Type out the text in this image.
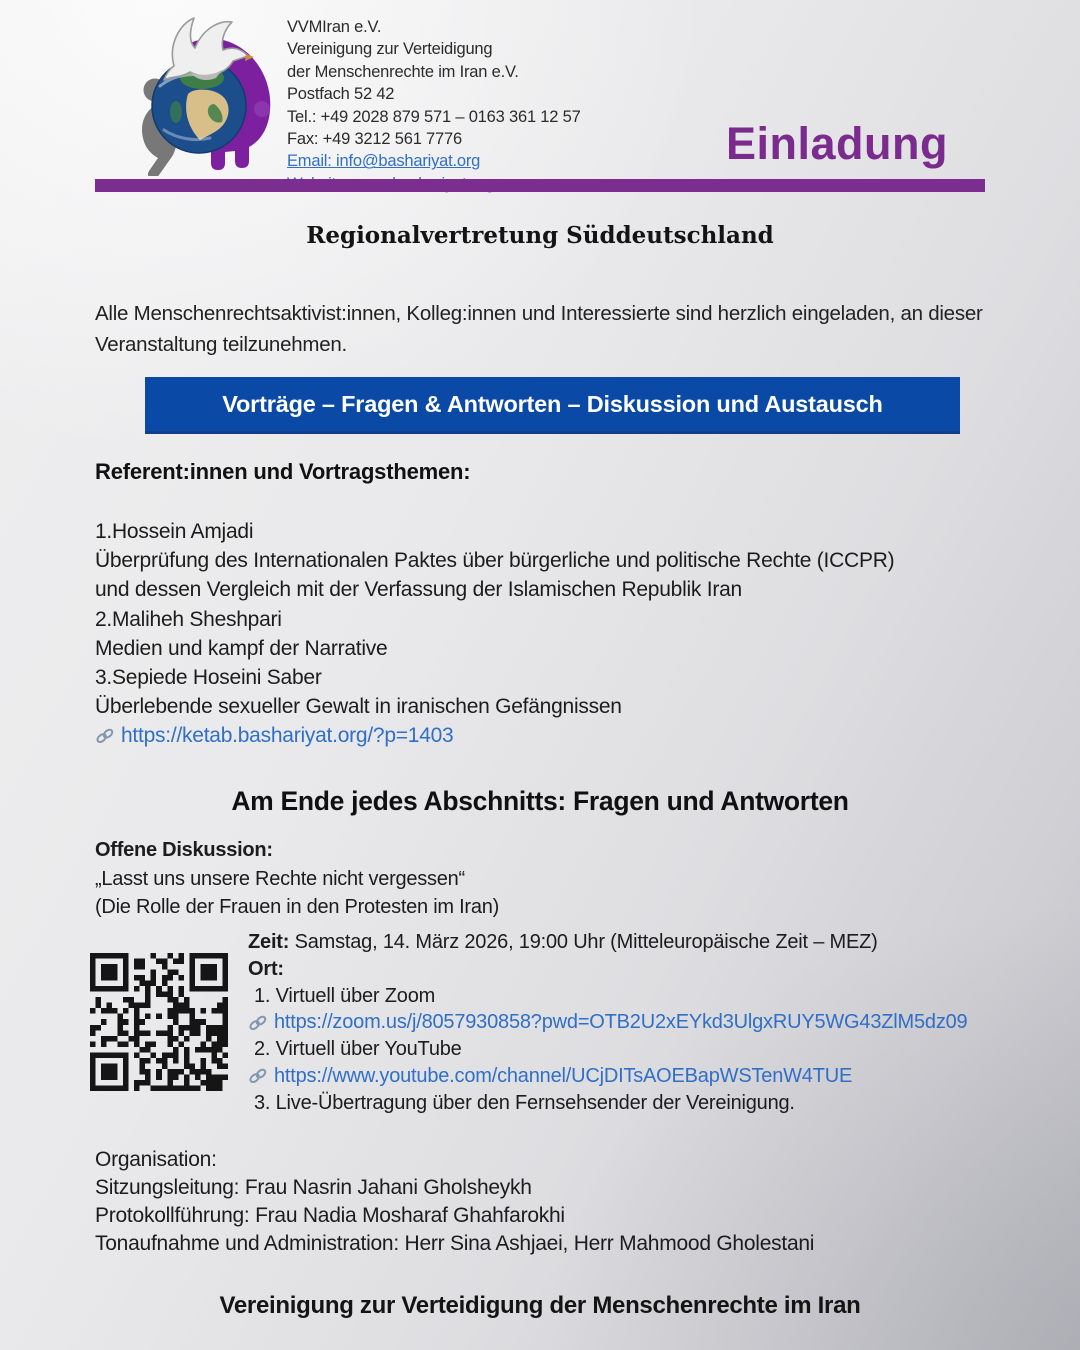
VVMIran e.V.
Vereinigung zur Verteidigung
der Menschenrechte im Iran e.V.
Postfach 52 42
Tel.: +49 2028 879 571 – 0163 361 12 57
Fax: +49 3212 561 7776
Email: info@bashariyat.org	Einladung
Regionalvertretung Süddeutschland
Alle Menschenrechtsaktivist:innen, Kolleg:innen und Interessierte sind herzlich eingeladen, an dieser
Veranstaltung teilzunehmen.
Vorträge – Fragen & Antworten – Diskussion und Austausch
Referent:innen und Vortragsthemen:
1.Hossein Amjadi
Überprüfung des Internationalen Paktes über bürgerliche und politische Rechte (ICCPR)
und dessen Vergleich mit der Verfassung der Islamischen Republik Iran
2.Maliheh Sheshpari
Medien und kampf der Narrative
3.Sepiede Hoseini Saber
Überlebende sexueller Gewalt in iranischen Gefängnissen
https://ketab.bashariyat.org/?p=1403
Am Ende jedes Abschnitts: Fragen und Antworten
Offene Diskussion:
„Lasst uns unsere Rechte nicht vergessen“
(Die Rolle der Frauen in den Protesten im Iran)
Zeit: Samstag, 14. März 2026, 19:00 Uhr (Mitteleuropäische Zeit – MEZ)
Ort:
1. Virtuell über Zoom
https://zoom.us/j/8057930858?pwd=OTB2U2xEYkd3UlgxRUY5WG43ZlM5dz09
2. Virtuell über YouTube
https://www.youtube.com/channel/UCjDITsAOEBapWSTenW4TUE
3. Live-Übertragung über den Fernsehsender der Vereinigung.
Organisation:
Sitzungsleitung: Frau Nasrin Jahani Gholsheykh
Protokollführung: Frau Nadia Mosharaf Ghahfarokhi
Tonaufnahme und Administration: Herr Sina Ashjaei, Herr Mahmood Gholestani
Vereinigung zur Verteidigung der Menschenrechte im Iran
